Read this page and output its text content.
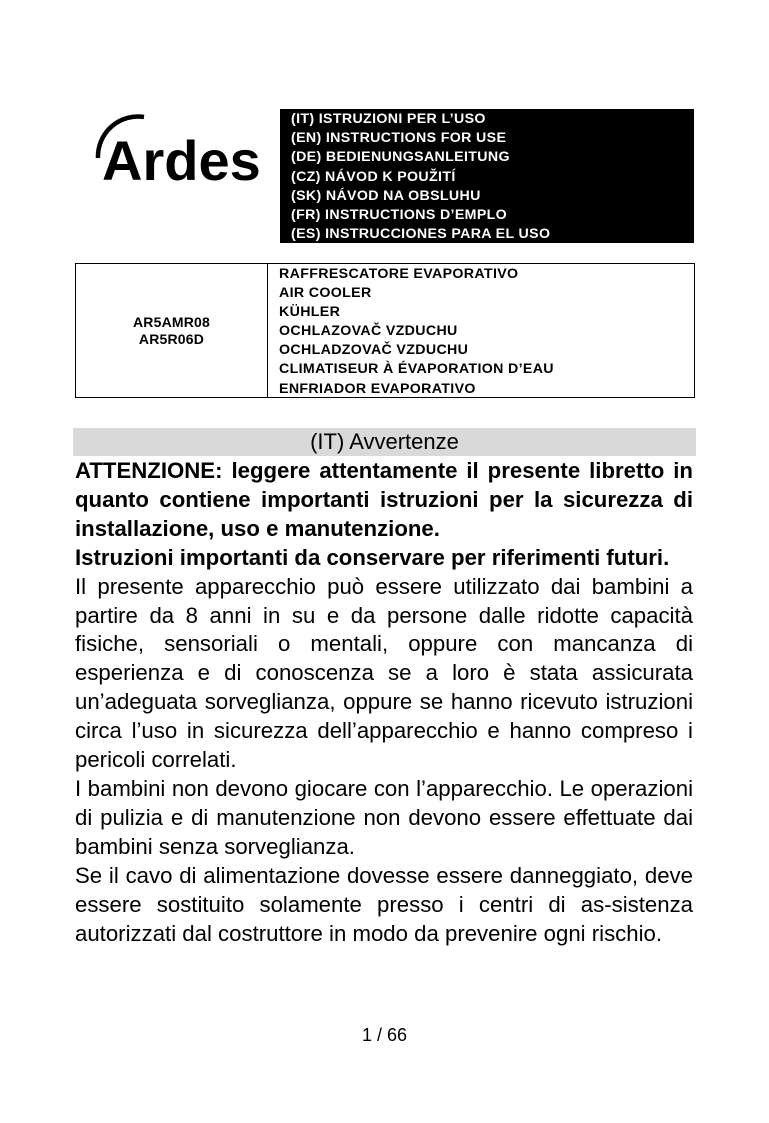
Ardes
(IT) ISTRUZIONI PER L’USO
(EN) INSTRUCTIONS FOR USE
(DE) BEDIENUNGSANLEITUNG
(CZ) NÁVOD K POUŽITÍ
(SK) NÁVOD NA OBSLUHU
(FR) INSTRUCTIONS D’EMPLO
(ES) INSTRUCCIONES PARA EL USO
AR5AMR08
AR5R06D
RAFFRESCATORE EVAPORATIVO
AIR COOLER
KÜHLER
OCHLAZOVAČ VZDUCHU
OCHLADZOVAČ VZDUCHU
CLIMATISEUR À ÉVAPORATION D’EAU
ENFRIADOR EVAPORATIVO
(IT) Avvertenze

ATTENZIONE: leggere attentamente il presente libretto in quanto contiene importanti istruzioni per la sicurezza di installazione, uso e manutenzione.

Istruzioni importanti da conservare per riferimenti futuri.

Il presente apparecchio può essere utilizzato dai bambini a partire da 8 anni in su e da persone dalle ridotte capacità fisiche, sensoriali o mentali, oppure con mancanza di esperienza e di conoscenza se a loro è stata assicurata un’adeguata sorveglianza, oppure se hanno ricevuto istruzioni circa l’uso in sicurezza dell’apparecchio e hanno compreso i pericoli correlati.

I bambini non devono giocare con l’apparecchio. Le operazioni di pulizia e di manutenzione non devono essere effettuate dai bambini senza sorveglianza.

Se il cavo di alimentazione dovesse essere danneggiato, deve essere sostituito solamente presso i centri di as-sistenza autorizzati dal costruttore in modo da prevenire ogni rischio.

1 / 66
